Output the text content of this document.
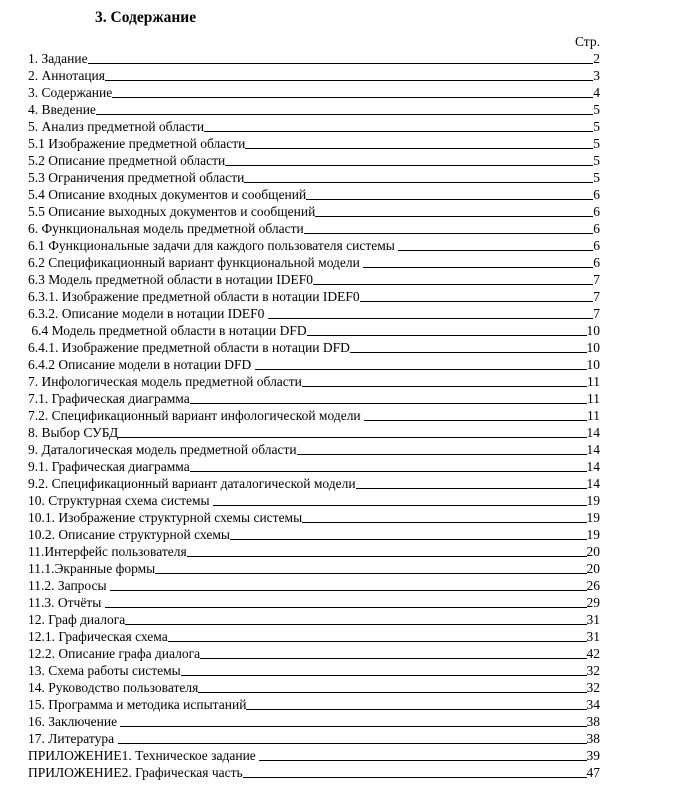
3. Содержание
Стр.
1. Задание	2
2. Аннотация	3
3. Содержание	4
4. Введение	5
5. Анализ предметной области	5
5.1 Изображение предметной области	5
5.2 Описание предметной области	5
5.3 Ограничения предметной области	5
5.4 Описание входных документов и сообщений	6
5.5 Описание выходных документов и сообщений	6
6. Функциональная модель предметной области	6
6.1 Функциональные задачи для каждого пользователя системы	6
6.2 Спецификационный вариант функциональной модели	6
6.3 Модель предметной области в нотации IDEF0	7
6.3.1. Изображение предметной области в нотации IDEF0	7
6.3.2. Описание модели в нотации IDEF0	7
6.4 Модель предметной области в нотации DFD	10
6.4.1. Изображение предметной области в нотации DFD	10
6.4.2 Описание модели в нотации DFD	10
7. Инфологическая модель предметной области	11
7.1. Графическая диаграмма	11
7.2. Спецификационный вариант инфологической модели	11
8. Выбор СУБД	14
9. Даталогическая модель предметной области	14
9.1. Графическая диаграмма	14
9.2. Спецификационный вариант даталогической модели	14
10. Структурная схема системы	19
10.1. Изображение структурной схемы системы	19
10.2. Описание структурной схемы	19
11.Интерфейс пользователя	20
11.1.Экранные формы	20
11.2. Запросы	26
11.3. Отчёты	29
12. Граф диалога	31
12.1. Графическая схема	31
12.2. Описание графа диалога	42
13. Схема работы системы	32
14. Руководство пользователя	32
15. Программа и методика испытаний	34
16. Заключение	38
17. Литература	38
ПРИЛОЖЕНИЕ1. Техническое задание	39
ПРИЛОЖЕНИЕ2. Графическая часть	47
